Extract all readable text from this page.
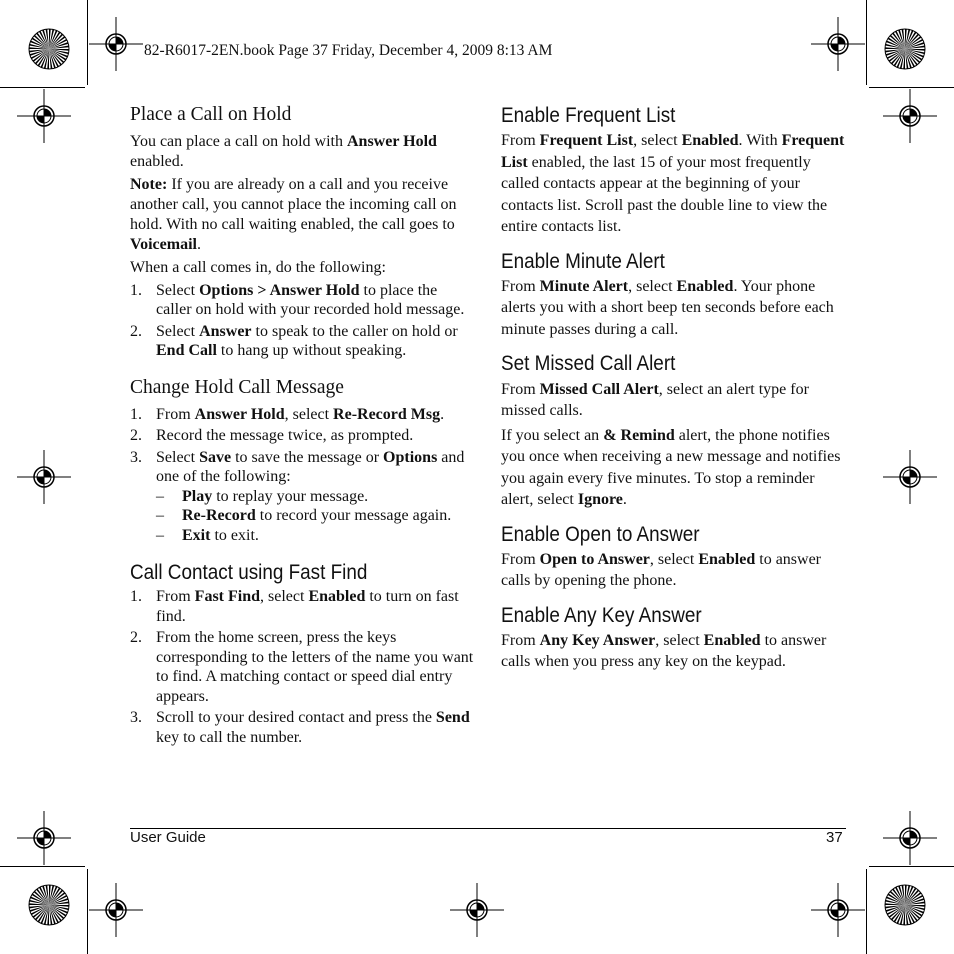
82-R6017-2EN.book Page 37 Friday, December 4, 2009 8:13 AM
Place a Call on Hold

You can place a call on hold with Answer Hold enabled.

Note: If you are already on a call and you receive another call, you cannot place the incoming call on hold. With no call waiting enabled, the call goes to Voicemail.

When a call comes in, do the following:

1. Select Options > Answer Hold to place the caller on hold with your recorded hold message.
2. Select Answer to speak to the caller on hold or End Call to hang up without speaking.
Change Hold Call Message
1. From Answer Hold, select Re-Record Msg.
2. Record the message twice, as prompted.
3. Select Save to save the message or Options and one of the following:
– Play to replay your message.
– Re-Record to record your message again.
– Exit to exit.
Call Contact using Fast Find
1. From Fast Find, select Enabled to turn on fast find.
2. From the home screen, press the keys corresponding to the letters of the name you want to find. A matching contact or speed dial entry appears.
3. Scroll to your desired contact and press the Send key to call the number.
Enable Frequent List

From Frequent List, select Enabled. With Frequent List enabled, the last 15 of your most frequently called contacts appear at the beginning of your contacts list. Scroll past the double line to view the entire contacts list.

Enable Minute Alert

From Minute Alert, select Enabled. Your phone alerts you with a short beep ten seconds before each minute passes during a call.

Set Missed Call Alert

From Missed Call Alert, select an alert type for missed calls.

If you select an & Remind alert, the phone notifies you once when receiving a new message and notifies you again every five minutes. To stop a reminder alert, select Ignore.

Enable Open to Answer

From Open to Answer, select Enabled to answer calls by opening the phone.

Enable Any Key Answer

From Any Key Answer, select Enabled to answer calls when you press any key on the keypad.

User Guide	37
